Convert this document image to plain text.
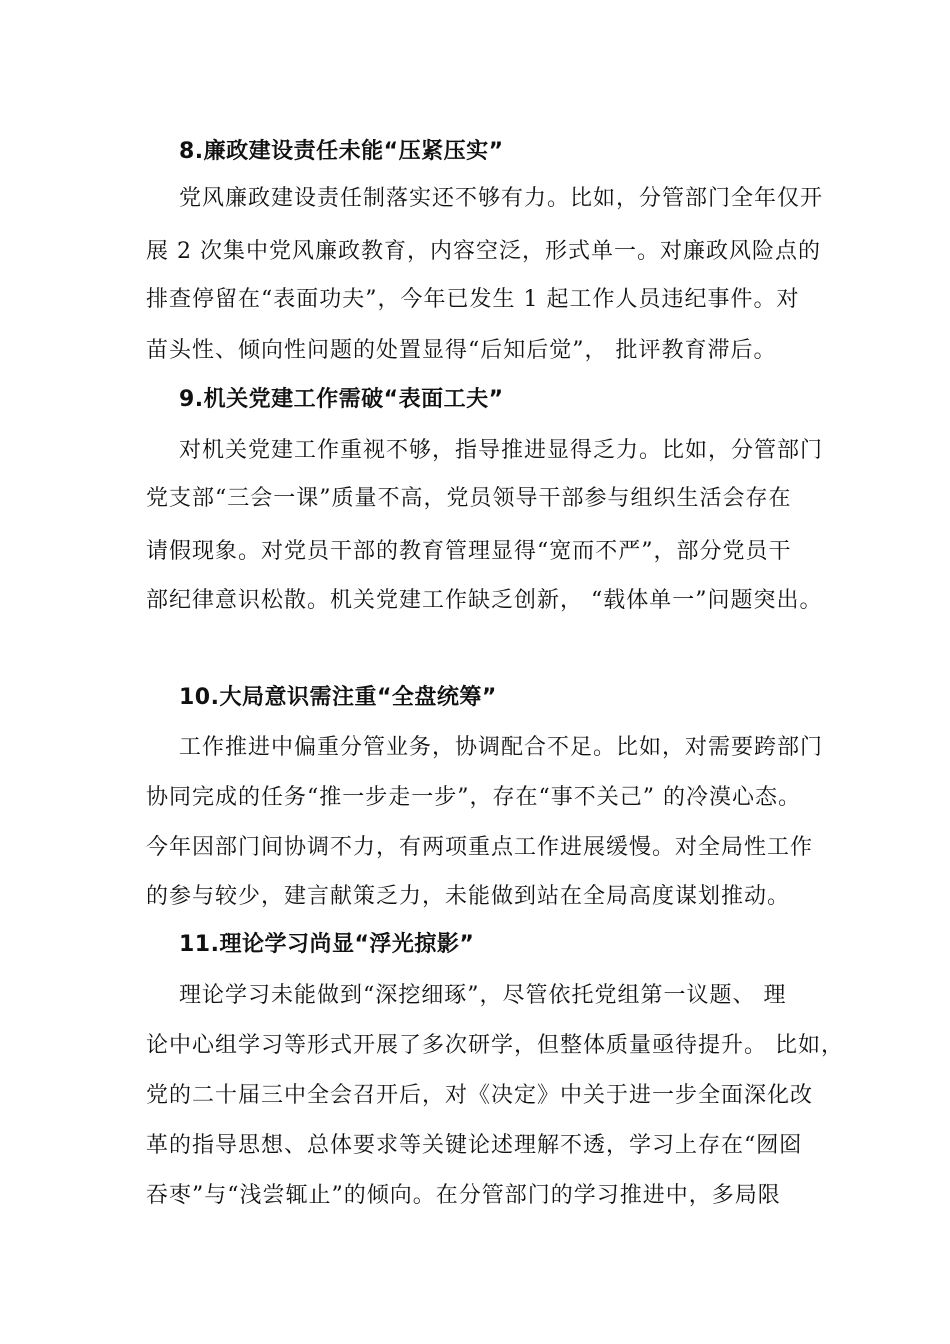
8.廉政建设责任未能“压紧压实”
党风廉政建设责任制落实还不够有力。比如，分管部门全年仅开
展 2 次集中党风廉政教育，内容空泛，形式单一。对廉政风险点的
排查停留在“表面功夫”，今年已发生 1 起工作人员违纪事件。对
苗头性、倾向性问题的处置显得“后知后觉”， 批评教育滞后。
9.机关党建工作需破“表面工夫”
对机关党建工作重视不够，指导推进显得乏力。比如，分管部门
党支部“三会一课”质量不高，党员领导干部参与组织生活会存在
请假现象。对党员干部的教育管理显得“宽而不严”，部分党员干
部纪律意识松散。机关党建工作缺乏创新， “载体单一”问题突出。
10.大局意识需注重“全盘统筹”
工作推进中偏重分管业务，协调配合不足。比如，对需要跨部门
协同完成的任务“推一步走一步”，存在“事不关己” 的冷漠心态。
今年因部门间协调不力，有两项重点工作进展缓慢。对全局性工作
的参与较少，建言献策乏力，未能做到站在全局高度谋划推动。
11.理论学习尚显“浮光掠影”
理论学习未能做到“深挖细琢”，尽管依托党组第一议题、 理
论中心组学习等形式开展了多次研学，但整体质量亟待提升。 比如，
党的二十届三中全会召开后，对《决定》中关于进一步全面深化改
革的指导思想、总体要求等关键论述理解不透，学习上存在“囫囵
吞枣”与“浅尝辄止”的倾向。在分管部门的学习推进中，多局限
